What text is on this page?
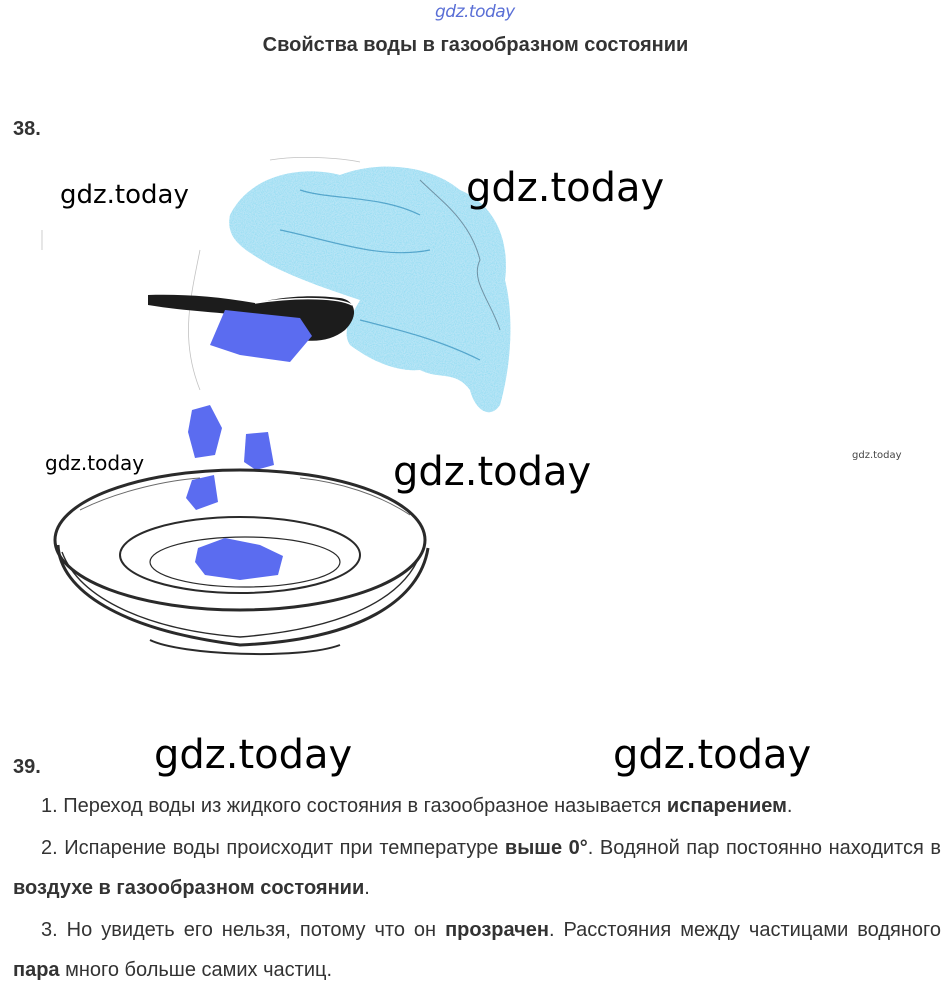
gdz.today
Свойства воды в газообразном состоянии
38.
gdz.today	gdz.today
gdz.today	gdz.today	gdz.today
gdz.today	gdz.today
39.
1. Переход воды из жидкого состояния в газообразное называется испарением.
2. Испарение воды происходит при температуре выше 0°. Водяной пар постоянно находится в воздухе в газообразном состоянии.
3. Но увидеть его нельзя, потому что он прозрачен. Расстояния между частицами водяного пара много больше самих частиц.
